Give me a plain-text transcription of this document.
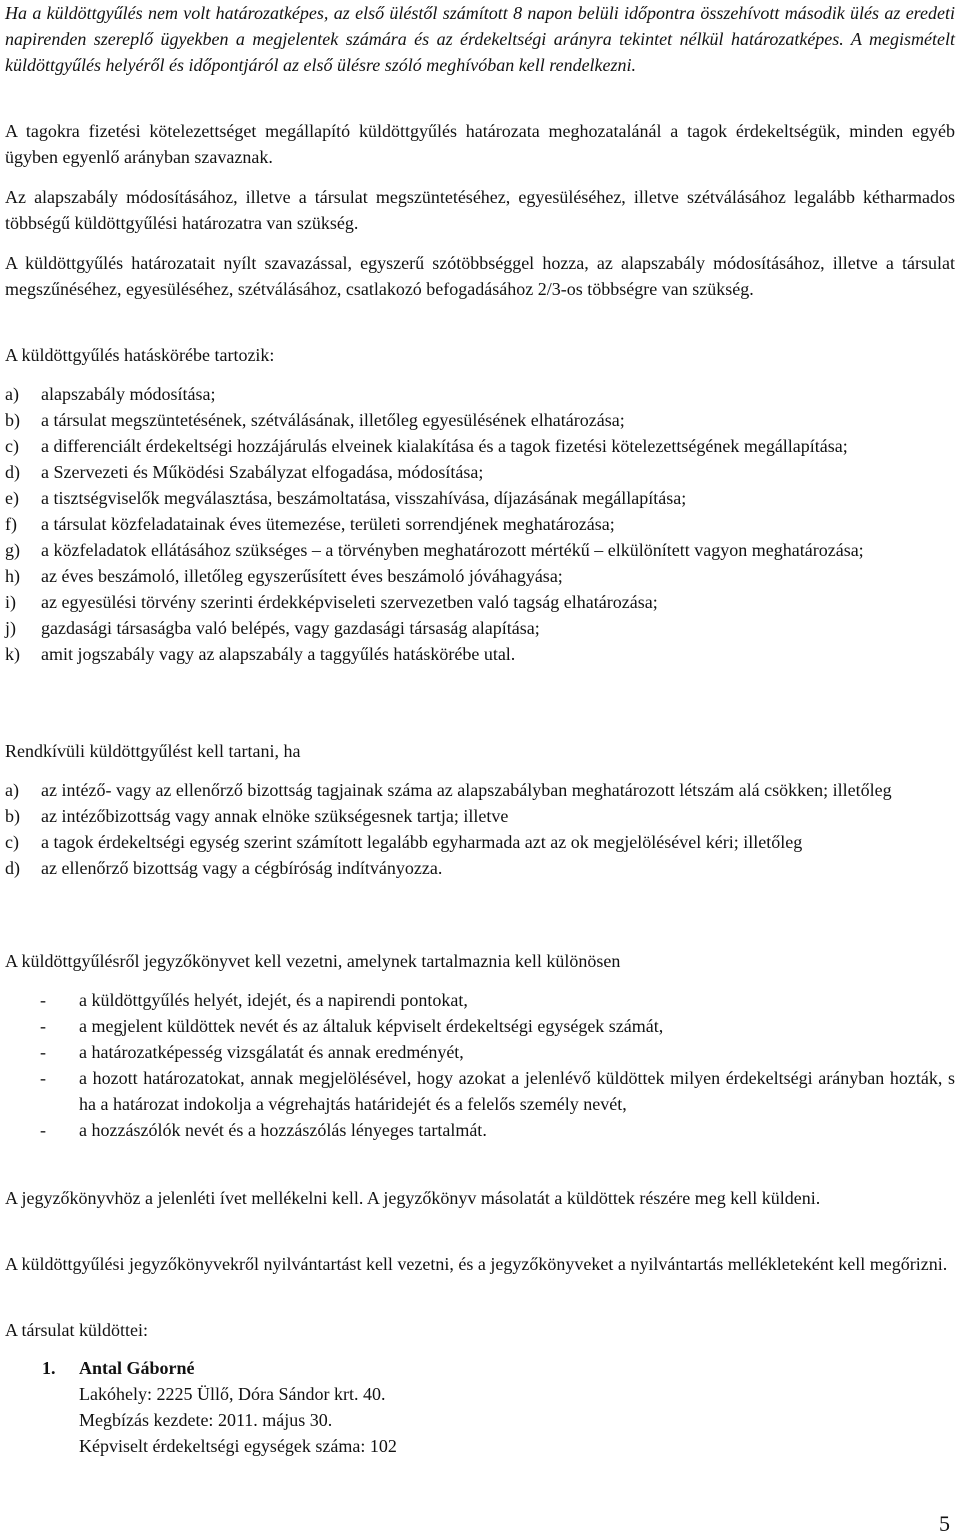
Ha a küldöttgyűlés nem volt határozatképes, az első üléstől számított 8 napon belüli időpontra összehívott második ülés az eredeti napirenden szereplő ügyekben a megjelentek számára és az érdekeltségi arányra tekintet nélkül határozatképes. A megismételt küldöttgyűlés helyéről és időpontjáról az első ülésre szóló meghívóban kell rendelkezni.

A tagokra fizetési kötelezettséget megállapító küldöttgyűlés határozata meghozatalánál a tagok érdekeltségük, minden egyéb ügyben egyenlő arányban szavaznak.

Az alapszabály módosításához, illetve a társulat megszüntetéséhez, egyesüléséhez, illetve szétválásához legalább kétharmados többségű küldöttgyűlési határozatra van szükség.

A küldöttgyűlés határozatait nyílt szavazással, egyszerű szótöbbséggel hozza, az alapszabály módosításához, illetve a társulat megszűnéséhez, egyesüléséhez, szétválásához, csatlakozó befogadásához 2/3-os többségre van szükség.

A küldöttgyűlés hatáskörébe tartozik:

a) alapszabály módosítása;
b) a társulat megszüntetésének, szétválásának, illetőleg egyesülésének elhatározása;
c) a differenciált érdekeltségi hozzájárulás elveinek kialakítása és a tagok fizetési kötelezettségének megállapítása;
d) a Szervezeti és Működési Szabályzat elfogadása, módosítása;
e) a tisztségviselők megválasztása, beszámoltatása, visszahívása, díjazásának megállapítása;
f) a társulat közfeladatainak éves ütemezése, területi sorrendjének meghatározása;
g) a közfeladatok ellátásához szükséges – a törvényben meghatározott mértékű – elkülönített vagyon meghatározása;
h) az éves beszámoló, illetőleg egyszerűsített éves beszámoló jóváhagyása;
i) az egyesülési törvény szerinti érdekképviseleti szervezetben való tagság elhatározása;
j) gazdasági társaságba való belépés, vagy gazdasági társaság alapítása;
k) amit jogszabály vagy az alapszabály a taggyűlés hatáskörébe utal.

Rendkívüli küldöttgyűlést kell tartani, ha

a) az intéző- vagy az ellenőrző bizottság tagjainak száma az alapszabályban meghatározott létszám alá csökken; illetőleg
b) az intézőbizottság vagy annak elnöke szükségesnek tartja; illetve
c) a tagok érdekeltségi egység szerint számított legalább egyharmada azt az ok megjelölésével kéri; illetőleg
d) az ellenőrző bizottság vagy a cégbíróság indítványozza.

A küldöttgyűlésről jegyzőkönyvet kell vezetni, amelynek tartalmaznia kell különösen

- a küldöttgyűlés helyét, idejét, és a napirendi pontokat,
- a megjelent küldöttek nevét és az általuk képviselt érdekeltségi egységek számát,
- a határozatképesség vizsgálatát és annak eredményét,
- a hozott határozatokat, annak megjelölésével, hogy azokat a jelenlévő küldöttek milyen érdekeltségi arányban hozták, s ha a határozat indokolja a végrehajtás határidejét és a felelős személy nevét,
- a hozzászólók nevét és a hozzászólás lényeges tartalmát.

A jegyzőkönyvhöz a jelenléti ívet mellékelni kell. A jegyzőkönyv másolatát a küldöttek részére meg kell küldeni.

A küldöttgyűlési jegyzőkönyvekről nyilvántartást kell vezetni, és a jegyzőkönyveket a nyilvántartás mellékleteként kell megőrizni.

A társulat küldöttei:

1. Antal Gáborné

Lakóhely: 2225 Üllő, Dóra Sándor krt. 40.

Megbízás kezdete: 2011. május 30.

Képviselt érdekeltségi egységek száma: 102

5
